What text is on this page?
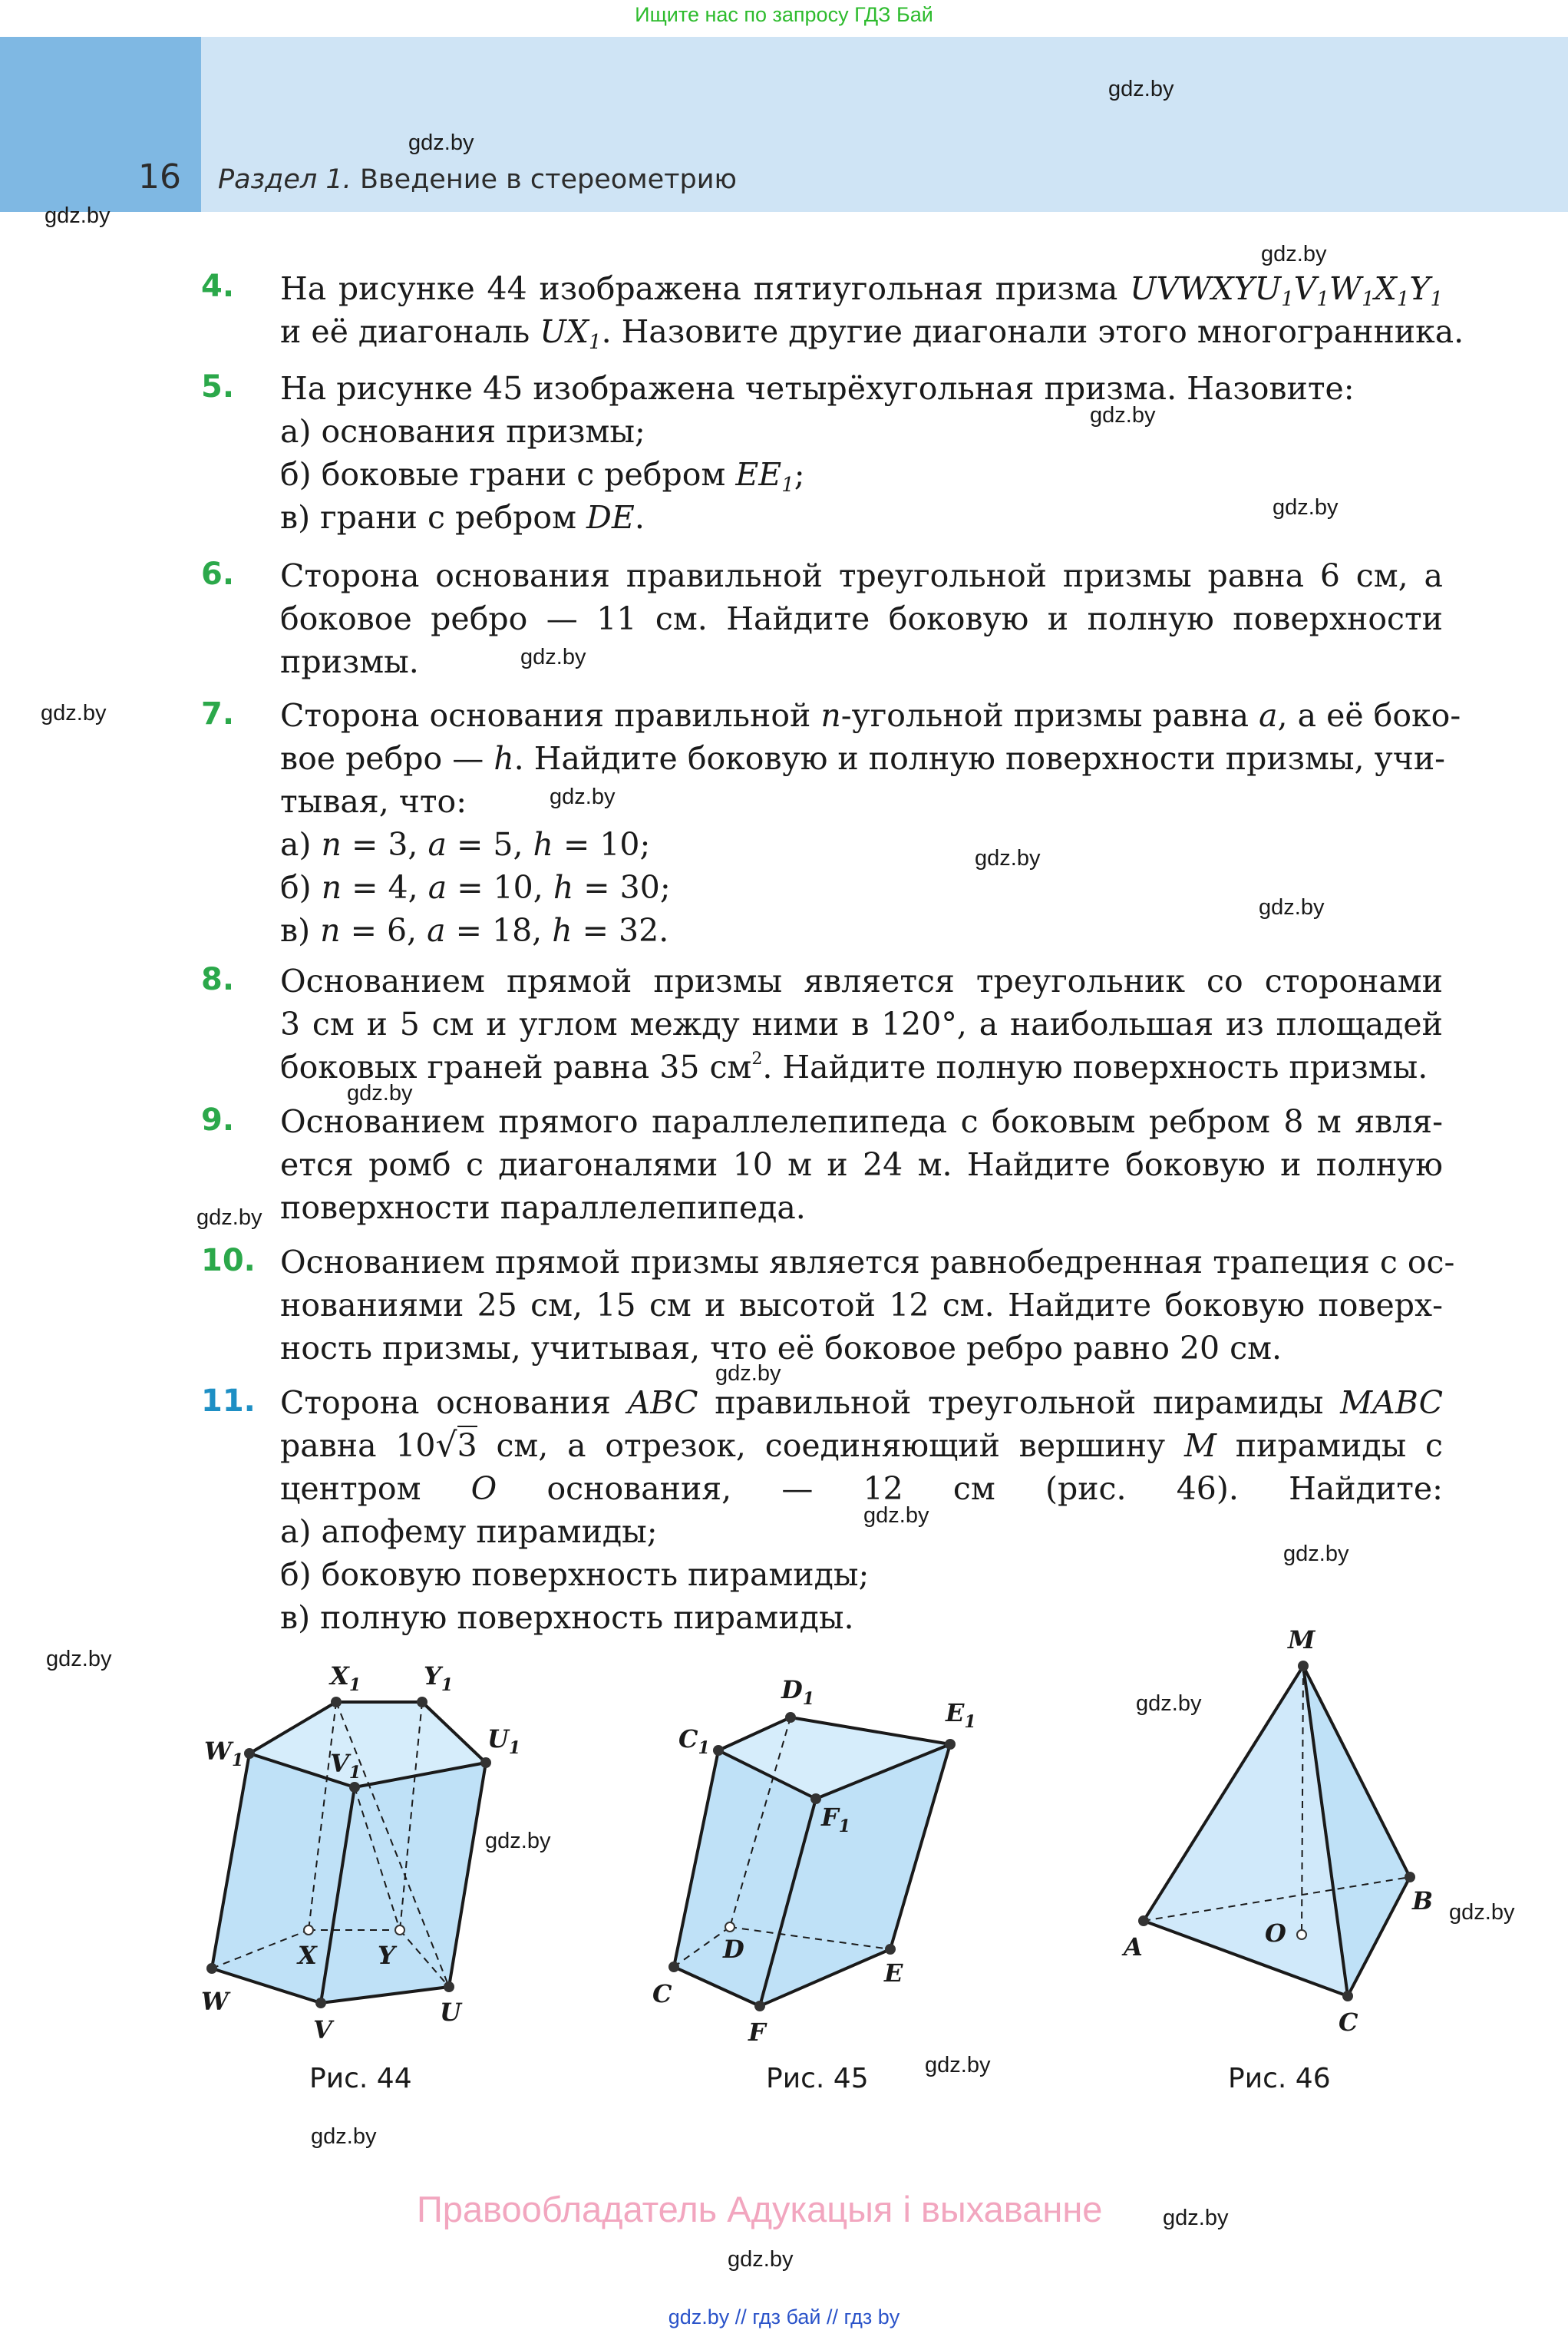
Ищите нас по запросу ГДЗ Бай
16 Раздел 1. Введение в стереометрию
gdz.by
gdz.by
gdz.by
gdz.by
gdz.by
gdz.by
gdz.by
gdz.by
gdz.by
gdz.by
gdz.by
gdz.by
gdz.by
gdz.by
gdz.by
gdz.by
gdz.by
gdz.by
gdz.by
gdz.by
gdz.by
gdz.by
gdz.by
gdz.by
4. На рисунке 44 изображена пятиугольная призма $UVWXYU_1V_1W_1X_1Y_1$
и её диагональ $UX_1$. Назовите другие диагонали этого многогранника.
5. На рисунке 45 изображена четырёхугольная призма. Назовите:
а) основания призмы;
б) боковые грани с ребром $EE_1$;
в) грани с ребром DE.
6. Сторона основания правильной треугольной призмы равна 6 см, а
боковое ребро — 11 см. Найдите боковую и полную поверхности
призмы.
7. Сторона основания правильной n-угольной призмы равна a, а её боко-
вое ребро — h. Найдите боковую и полную поверхности призмы, учи-
тывая, что:
а) n = 3, a = 5, h = 10;
б) n = 4, a = 10, h = 30;
в) n = 6, a = 18, h = 32.
8. Основанием прямой призмы является треугольник со сторонами
3 см и 5 см и углом между ними в 120°, а наибольшая из площадей
боковых граней равна 35 $см^2$. Найдите полную поверхность призмы.
9. Основанием прямого параллелепипеда с боковым ребром 8 м явля-
ется ромб с диагоналями 10 м и 24 м. Найдите боковую и полную
поверхности параллелепипеда.
10. Основанием прямой призмы является равнобедренная трапеция с ос-
нованиями 25 см, 15 см и высотой 12 см. Найдите боковую поверх-
ность призмы, учитывая, что её боковое ребро равно 20 см.
11. Сторона основания ABC правильной треугольной пирамиды MABC
равна 10√3 см, а отрезок, соединяющий вершину M пирамиды с
центром O основания, — 12 см (рис. 46). Найдите:
а) апофему пирамиды;
б) боковую поверхность пирамиды;
в) полную поверхность пирамиды.
$X_1$	$Y_1$
$W_1$	$V_1$
$U_1$
X Y
W
V
U
Рис. 44
$D_1$	$E_1$
$C_1$
$F_1$
D
E
C
F
Рис. 45
M
A
B
O
C
Рис. 46
Правообладатель Адукацыя і выхаванне
gdz.by // гдз бай // гдз by
